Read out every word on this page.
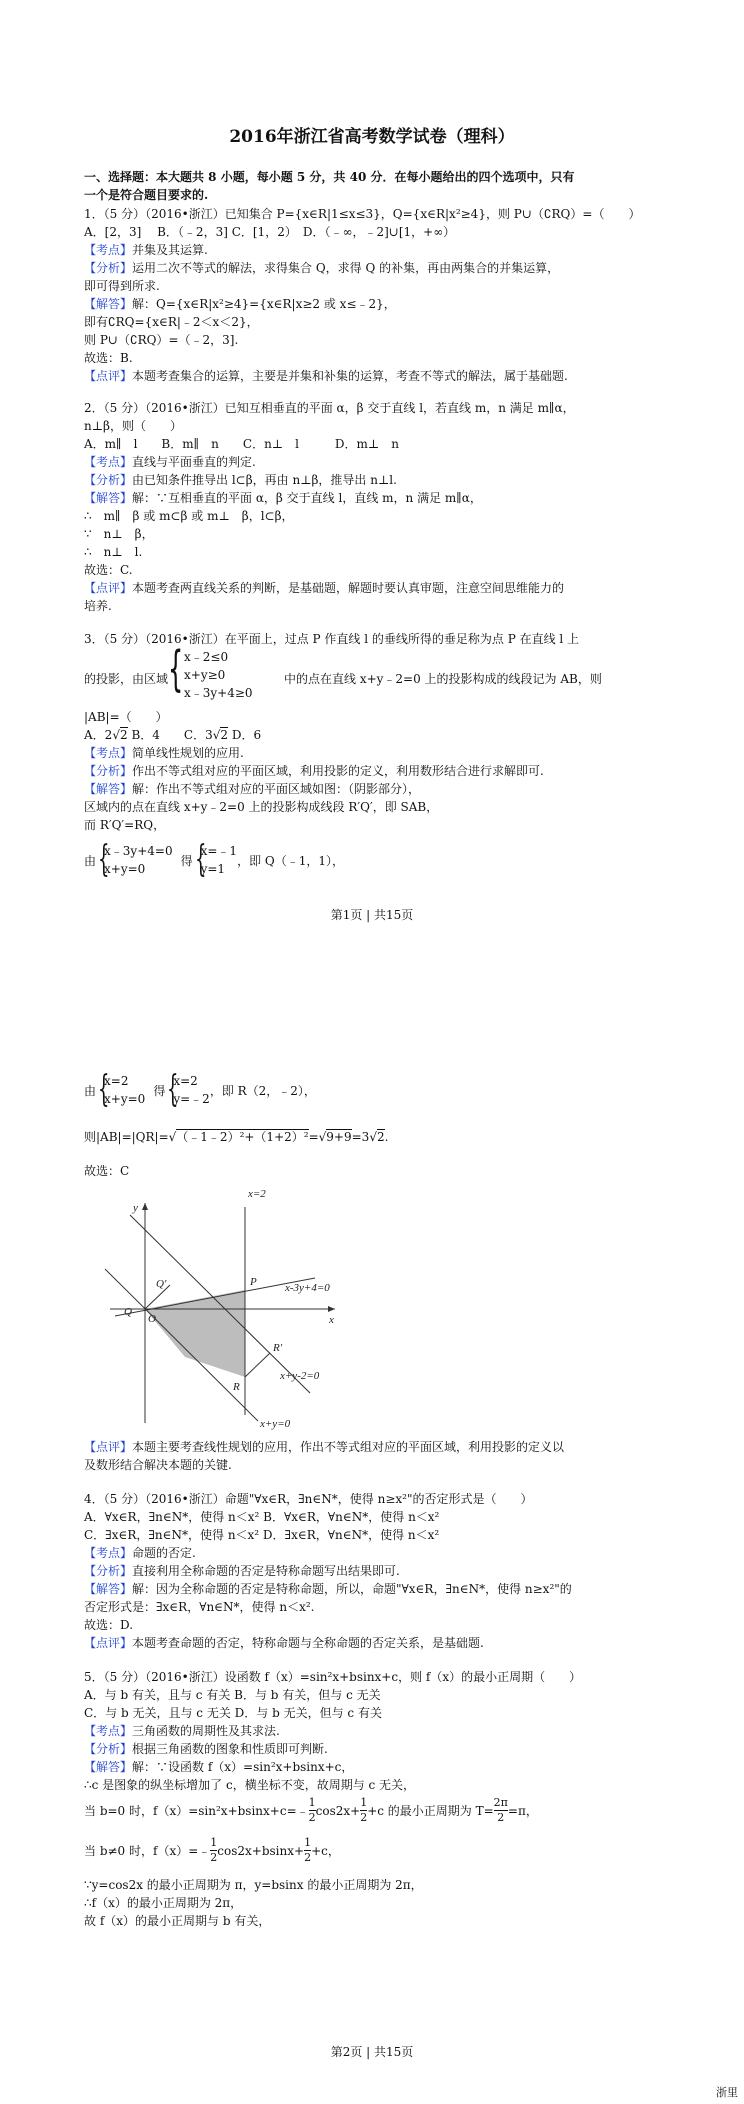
2016年浙江省高考数学试卷（理科）
一、选择题：本大题共 8 小题，每小题 5 分，共 40 分．在每小题给出的四个选项中，只有
一个是符合题目要求的.
1．（5 分）（2016•浙江）已知集合 P={x∈R|1≤x≤3}，Q={x∈R|x²≥4}，则 P∪（∁RQ）=（　　）
A．[2，3]　 B．（﹣2，3] C．[1，2）　D．（﹣∞，﹣2]∪[1，+∞）
【考点】并集及其运算.
【分析】运用二次不等式的解法，求得集合 Q，求得 Q 的补集，再由两集合的并集运算，
即可得到所求.
【解答】解：Q={x∈R|x²≥4}={x∈R|x≥2 或 x≤﹣2}，
即有∁RQ={x∈R|﹣2＜x＜2}，
则 P∪（∁RQ）=（﹣2，3].
故选：B.
【点评】本题考查集合的运算，主要是并集和补集的运算，考查不等式的解法，属于基础题.
2．（5 分）（2016•浙江）已知互相垂直的平面 α，β 交于直线 l，若直线 m，n 满足 m∥α，
n⊥β，则（　　）
A．m∥　l　　B．m∥　n　　C．n⊥　l　　　D．m⊥　n
【考点】直线与平面垂直的判定.
【分析】由已知条件推导出 l⊂β，再由 n⊥β，推导出 n⊥l.
【解答】解：∵互相垂直的平面 α，β 交于直线 l，直线 m，n 满足 m∥α，
∴　m∥　β 或 m⊂β 或 m⊥　β，l⊂β，
∵　n⊥　β，
∴　n⊥　l.
故选：C.
【点评】本题考查两直线关系的判断，是基础题，解题时要认真审题，注意空间思维能力的
培养.
3．（5 分）（2016•浙江）在平面上，过点 P 作直线 l 的垂线所得的垂足称为点 P 在直线 l 上
的投影，由区域 { x﹣2≤0
x+y≥0
x﹣3y+4≥0
中的点在直线 x+y﹣2=0 上的投影构成的线段记为 AB，则
|AB|=（　　）
A．2√2 B．4　　C．3√2 D．6
【考点】简单线性规划的应用.
【分析】作出不等式组对应的平面区域，利用投影的定义，利用数形结合进行求解即可.
【解答】解：作出不等式组对应的平面区域如图：（阴影部分），
区域内的点在直线 x+y﹣2=0 上的投影构成线段 R′Q′，即 SAB，
而 R′Q′=RQ，
由 {
x﹣3y+4=0
x+y=0
得 {
x=﹣1
y=1
，即 Q（﹣1，1），
第1页 | 共15页
由 {
x=2
x+y=0
得 {
x=2
y=﹣2
，即 R（2，﹣2），
则|AB|=|QR|=√（﹣1﹣2）²+（1+2）²=√9+9=3√2.
故选：C
x=2
y
Q′	P	x-3y+4=0
Q
O	x
R′
x+y-2=0
R
x+y=0
【点评】本题主要考查线性规划的应用，作出不等式组对应的平面区域，利用投影的定义以
及数形结合解决本题的关键.
4．（5 分）（2016•浙江）命题"∀x∈R，∃n∈N*，使得 n≥x²"的否定形式是（　　）
A．∀x∈R，∃n∈N*，使得 n＜x² B．∀x∈R，∀n∈N*，使得 n＜x²
C．∃x∈R，∃n∈N*，使得 n＜x² D．∃x∈R，∀n∈N*，使得 n＜x²
【考点】命题的否定.
【分析】直接利用全称命题的否定是特称命题写出结果即可.
【解答】解：因为全称命题的否定是特称命题，所以，命题"∀x∈R，∃n∈N*，使得 n≥x²"的
否定形式是：∃x∈R，∀n∈N*，使得 n＜x².
故选：D.
【点评】本题考查命题的否定，特称命题与全称命题的否定关系，是基础题.
5．（5 分）（2016•浙江）设函数 f（x）=sin²x+bsinx+c，则 f（x）的最小正周期（　　）
A．与 b 有关，且与 c 有关 B．与 b 有关，但与 c 无关
C．与 b 无关，且与 c 无关 D．与 b 无关，但与 c 有关
【考点】三角函数的周期性及其求法.
【分析】根据三角函数的图象和性质即可判断.
【解答】解：∵设函数 f（x）=sin²x+bsinx+c，
∴c 是图象的纵坐标增加了 c，横坐标不变，故周期与 c 无关，
当 b=0 时，f（x）=sin²x+bsinx+c=﹣
1
2 $\cos 2x+ \frac{1}{2} +c$ 的最小正周期为 $T= \frac{2\pi}{2} =\pi$，
当 b≠0 时，f（x）=﹣
1
2 $\cos 2x+bsinx+ \frac{1}{2} +c$，
∵y=cos2x 的最小正周期为 π，y=bsinx 的最小正周期为 2π，
∴f（x）的最小正周期为 2π，
故 f（x）的最小正周期与 b 有关，
第2页 | 共15页
浙里
